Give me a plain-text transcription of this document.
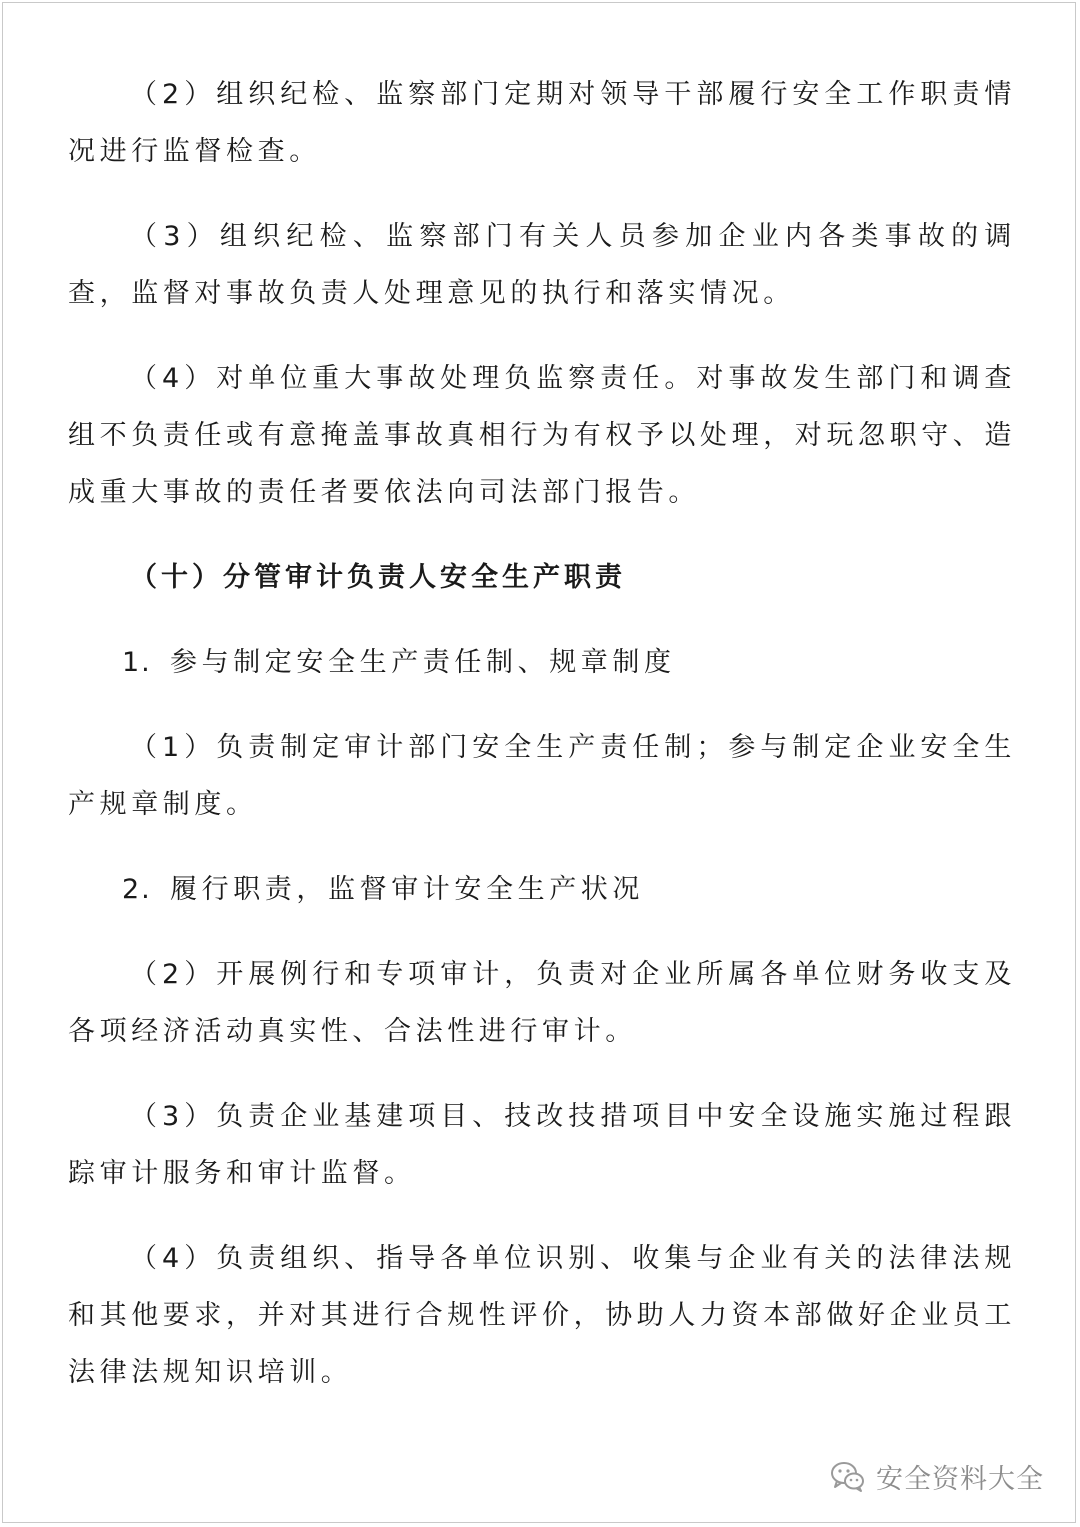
（2）组织纪检、监察部门定期对领导干部履行安全工作职责情况进行监督检查。

（3）组织纪检、监察部门有关人员参加企业内各类事故的调查，监督对事故负责人处理意见的执行和落实情况。

（4）对单位重大事故处理负监察责任。对事故发生部门和调查组不负责任或有意掩盖事故真相行为有权予以处理，对玩忽职守、造成重大事故的责任者要依法向司法部门报告。

（十）分管审计负责人安全生产职责
1. 参与制定安全生产责任制、规章制度

（1）负责制定审计部门安全生产责任制；参与制定企业安全生产规章制度。

2. 履行职责，监督审计安全生产状况

（2）开展例行和专项审计，负责对企业所属各单位财务收支及各项经济活动真实性、合法性进行审计。

（3）负责企业基建项目、技改技措项目中安全设施实施过程跟踪审计服务和审计监督。

（4）负责组织、指导各单位识别、收集与企业有关的法律法规和其他要求，并对其进行合规性评价，协助人力资本部做好企业员工法律法规知识培训。

安全资料大全
